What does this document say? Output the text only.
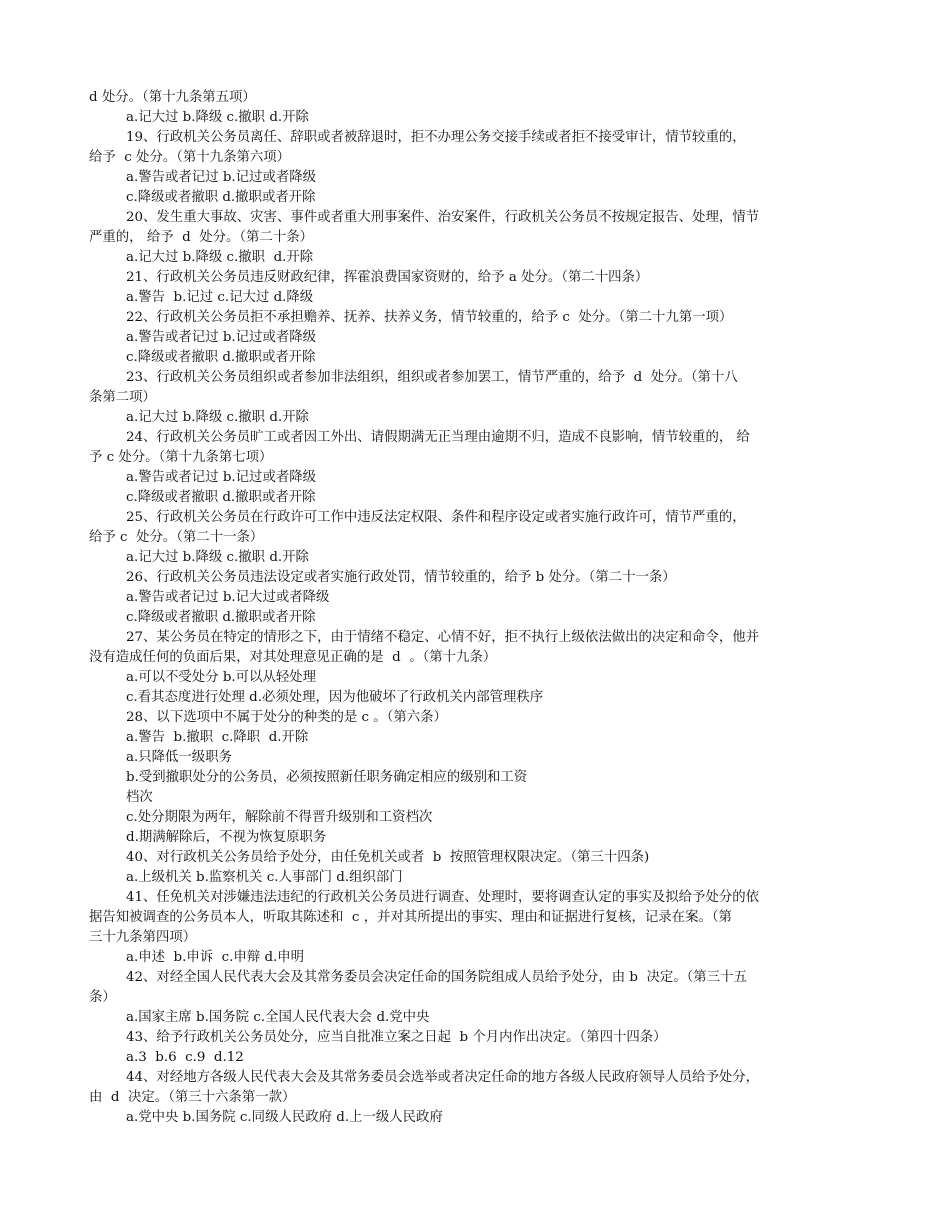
d 处分。（第十九条第五项）
a.记大过 b.降级 c.撤职 d.开除
19、行政机关公务员离任、辞职或者被辞退时，拒不办理公务交接手续或者拒不接受审计，情节较重的，
给予  c 处分。（第十九条第六项）
a.警告或者记过 b.记过或者降级
c.降级或者撤职 d.撤职或者开除
20、发生重大事故、灾害、事件或者重大刑事案件、治安案件，行政机关公务员不按规定报告、处理，情节
严重的， 给予  d  处分。（第二十条）
a.记大过 b.降级 c.撤职  d.开除
21、行政机关公务员违反财政纪律，挥霍浪费国家资财的，给予 a 处分。（第二十四条）
a.警告  b.记过 c.记大过 d.降级
22、行政机关公务员拒不承担赡养、抚养、扶养义务，情节较重的，给予 c  处分。（第二十九第一项）
a.警告或者记过 b.记过或者降级
c.降级或者撤职 d.撤职或者开除
23、行政机关公务员组织或者参加非法组织，组织或者参加罢工，情节严重的，给予  d  处分。（第十八
条第二项）
a.记大过 b.降级 c.撤职 d.开除
24、行政机关公务员旷工或者因工外出、请假期满无正当理由逾期不归，造成不良影响，情节较重的， 给
予 c 处分。（第十九条第七项）
a.警告或者记过 b.记过或者降级
c.降级或者撤职 d.撤职或者开除
25、行政机关公务员在行政许可工作中违反法定权限、条件和程序设定或者实施行政许可，情节严重的，
给予 c  处分。（第二十一条）
a.记大过 b.降级 c.撤职 d.开除
26、行政机关公务员违法设定或者实施行政处罚，情节较重的，给予 b 处分。（第二十一条）
a.警告或者记过 b.记大过或者降级
c.降级或者撤职 d.撤职或者开除
27、某公务员在特定的情形之下，由于情绪不稳定、心情不好，拒不执行上级依法做出的决定和命令，他并
没有造成任何的负面后果，对其处理意见正确的是  d  。（第十九条）
a.可以不受处分 b.可以从轻处理
c.看其态度进行处理 d.必须处理，因为他破坏了行政机关内部管理秩序
28、以下选项中不属于处分的种类的是 c 。（第六条）
a.警告  b.撤职  c.降职  d.开除
a.只降低一级职务
b.受到撤职处分的公务员，必须按照新任职务确定相应的级别和工资
档次
c.处分期限为两年，解除前不得晋升级别和工资档次
d.期满解除后，不视为恢复原职务
40、对行政机关公务员给予处分，由任免机关或者  b  按照管理权限决定。（第三十四条)
a.上级机关 b.监察机关 c.人事部门 d.组织部门
41、任免机关对涉嫌违法违纪的行政机关公务员进行调查、处理时，要将调查认定的事实及拟给予处分的依
据告知被调查的公务员本人，听取其陈述和  c ，并对其所提出的事实、理由和证据进行复核，记录在案。（第
三十九条第四项）
a.申述  b.申诉  c.申辩 d.申明
42、对经全国人民代表大会及其常务委员会决定任命的国务院组成人员给予处分，由 b  决定。（第三十五
条）
a.国家主席 b.国务院 c.全国人民代表大会 d.党中央
43、给予行政机关公务员处分，应当自批准立案之日起  b 个月内作出决定。（第四十四条）
a.3  b.6  c.9  d.12
44、对经地方各级人民代表大会及其常务委员会选举或者决定任命的地方各级人民政府领导人员给予处分，
由  d  决定。（第三十六条第一款）
a.党中央 b.国务院 c.同级人民政府 d.上一级人民政府
